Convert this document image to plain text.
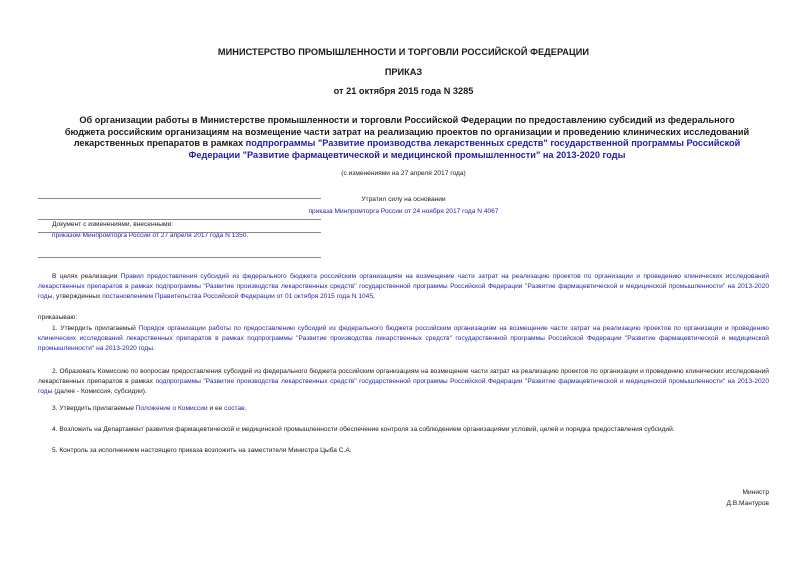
МИНИСТЕРСТВО ПРОМЫШЛЕННОСТИ И ТОРГОВЛИ РОССИЙСКОЙ ФЕДЕРАЦИИ
ПРИКАЗ
от 21 октября 2015 года N 3285
Об организации работы в Министерстве промышленности и торговли Российской Федерации по предоставлению субсидий из федерального бюджета российским организациям на возмещение части затрат на реализацию проектов по организации и проведению клинических исследований лекарственных препаратов в рамках подпрограммы "Развитие производства лекарственных средств" государственной программы Российской Федерации "Развитие фармацевтической и медицинской промышленности" на 2013-2020 годы
(с изменениями на 27 апреля 2017 года)
Утратил силу на основании
приказа Минпромторга России от 24 ноября 2017 года N 4067
Документ с изменениями, внесенными:
приказом Минпромторга России от 27 апреля 2017 года N 1350.
В целях реализации Правил предоставления субсидий из федерального бюджета российским организациям на возмещение части затрат на реализацию проектов по организации и проведению клинических исследований лекарственных препаратов в рамках подпрограммы "Развитие производства лекарственных средств" государственной программы Российской Федерации "Развитие фармацевтической и медицинской промышленности" на 2013-2020 годы, утвержденных постановлением Правительства Российской Федерации от 01 октября 2015 года N 1045,
приказываю:
1. Утвердить прилагаемый Порядок организации работы по предоставлению субсидий из федерального бюджета российским организациям на возмещение части затрат на реализацию проектов по организации и проведению клинических исследований лекарственных препаратов в рамках подпрограммы "Развитие производства лекарственных средств" государственной программы Российской Федерации "Развитие фармацевтической и медицинской промышленности" на 2013-2020 годы.
2. Образовать Комиссию по вопросам предоставления субсидий из федерального бюджета российским организациям на возмещение части затрат на реализацию проектов по организации и проведению клинических исследований лекарственных препаратов в рамках подпрограммы "Развитие производства лекарственных средств" государственной программы Российской Федерации "Развитие фармацевтической и медицинской промышленности" на 2013-2020 годы (далее - Комиссия, субсидии).
3. Утвердить прилагаемые Положение о Комиссии и ее состав.
4. Возложить на Департамент развития фармацевтической и медицинской промышленности обеспечение контроля за соблюдением организациями условий, целей и порядка предоставления субсидий.
5. Контроль за исполнением настоящего приказа возложить на заместителя Министра Цыба С.А.
Министр
Д.В.Мантуров
